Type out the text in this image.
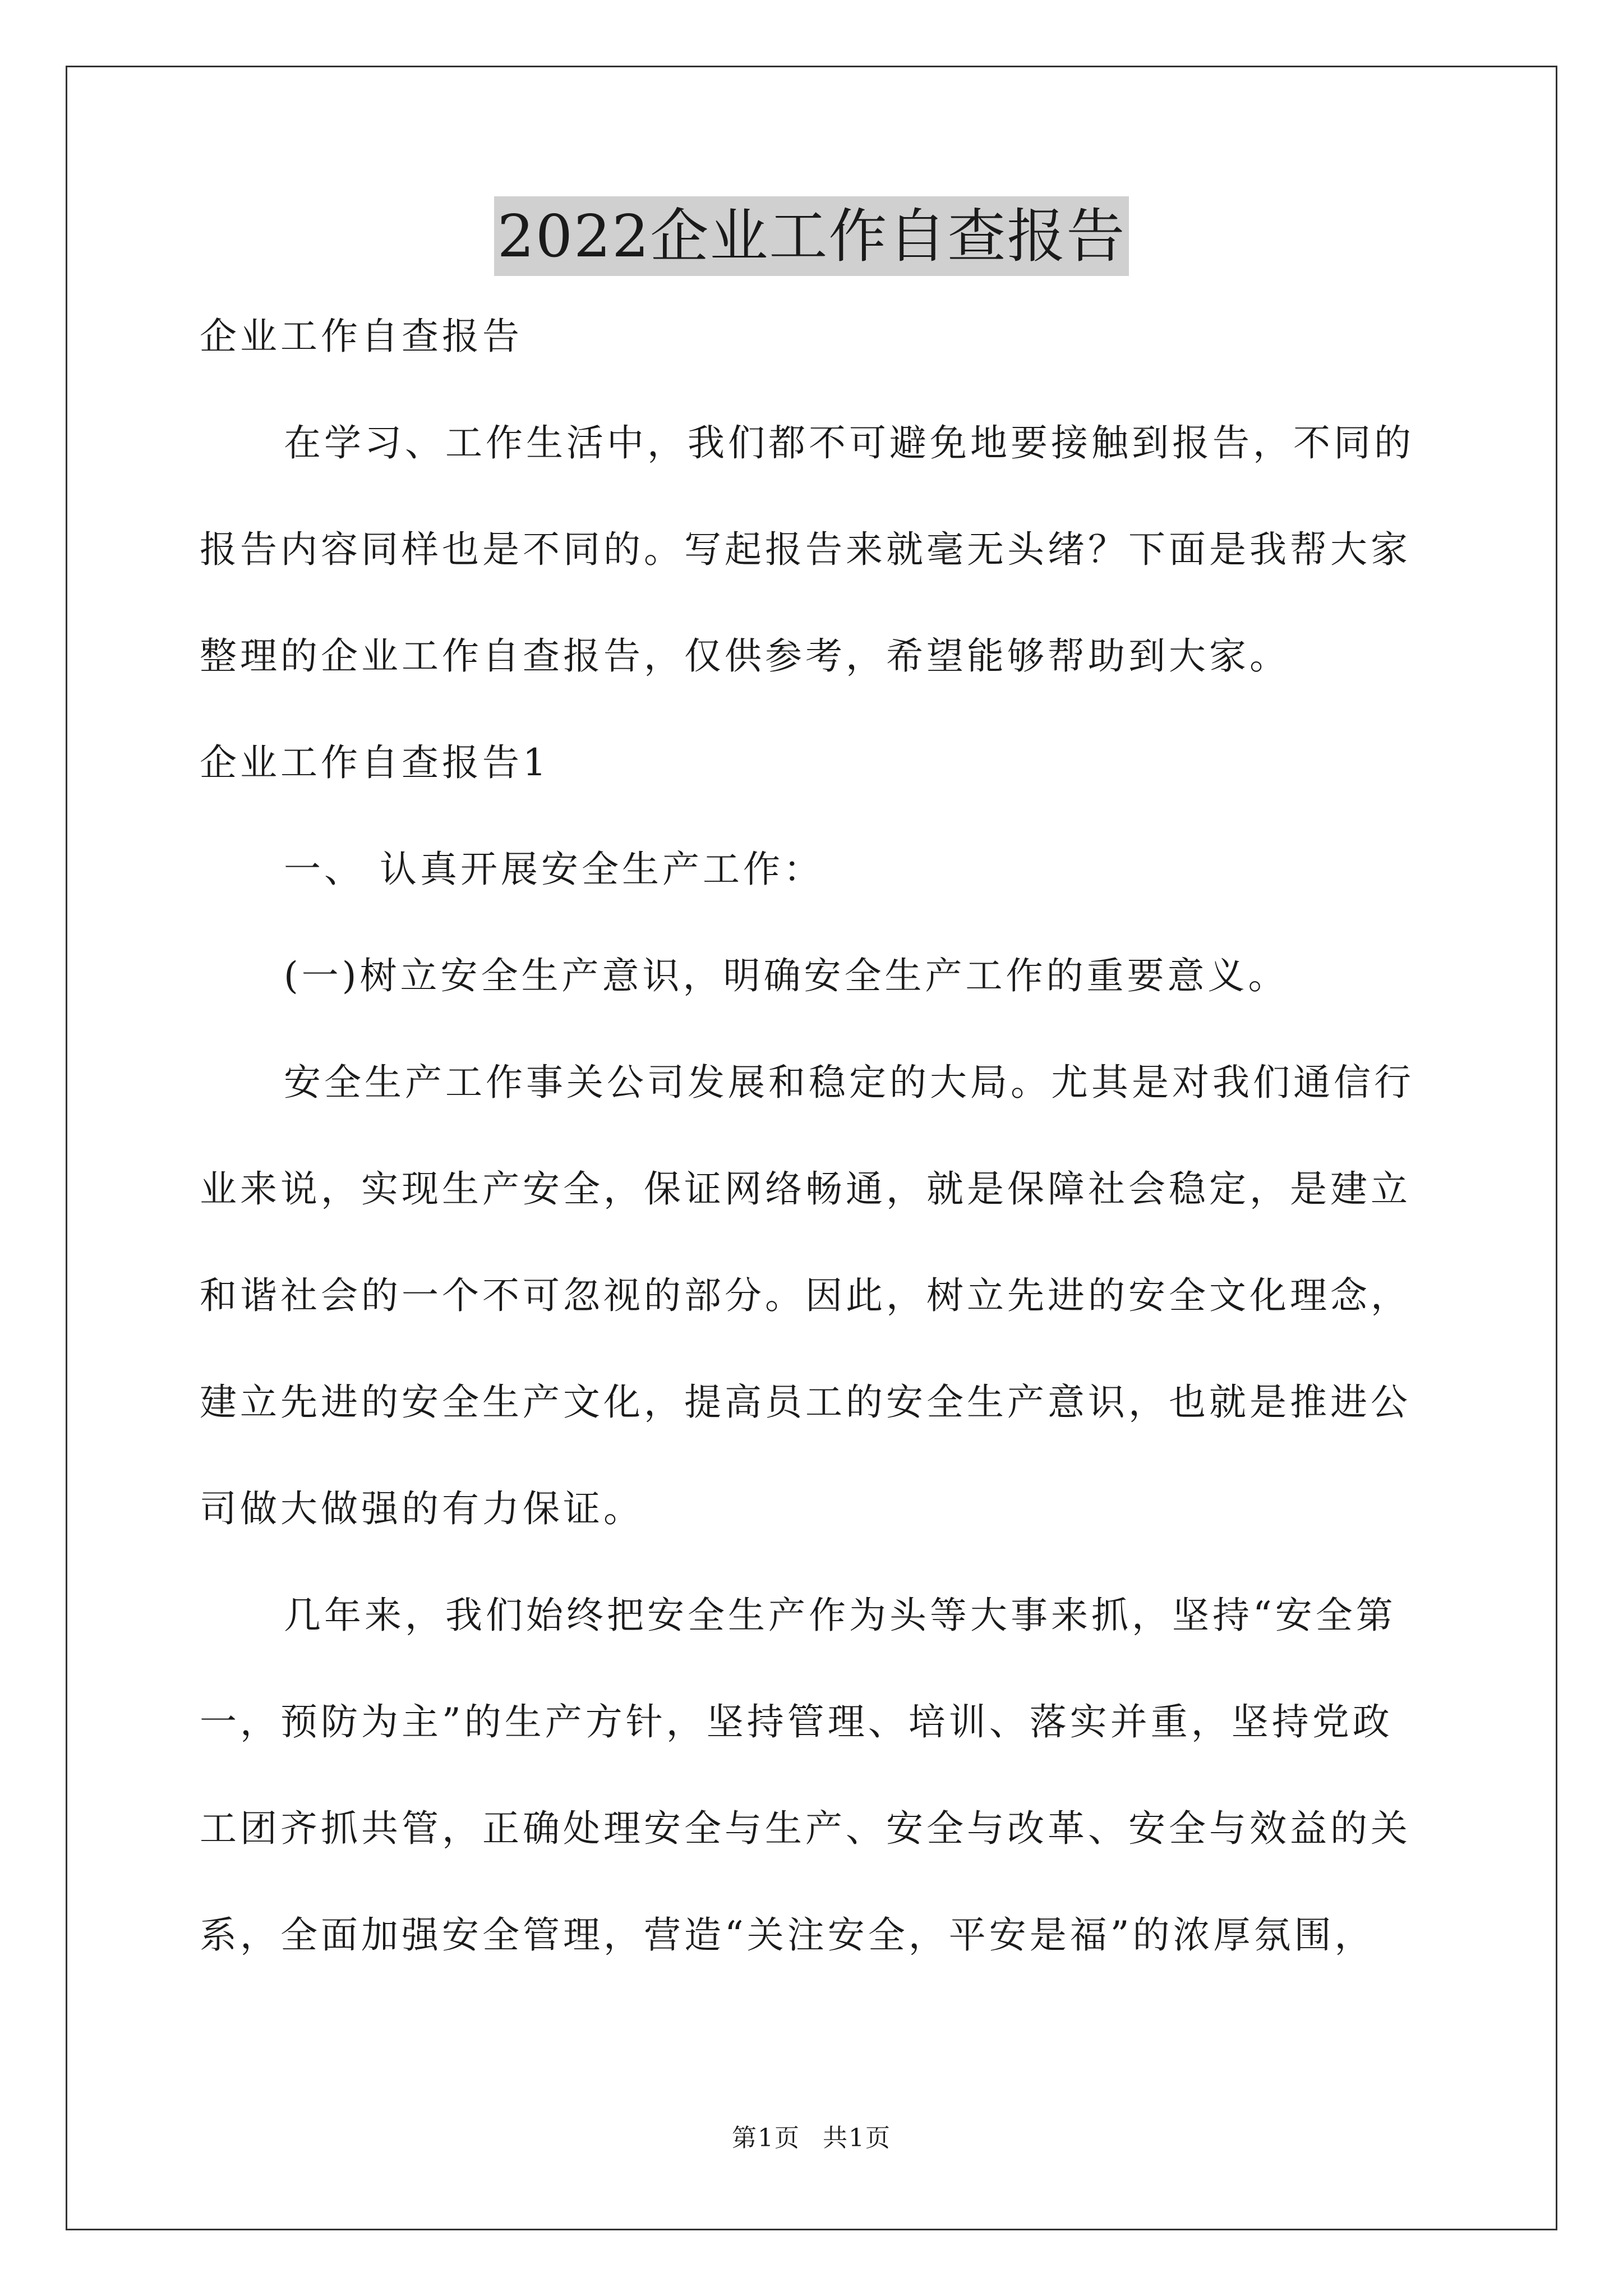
2022企业工作自查报告
企业工作自查报告
在学习、工作生活中，我们都不可避免地要接触到报告，不同的
报告内容同样也是不同的。写起报告来就毫无头绪？下面是我帮大家
整理的企业工作自查报告，仅供参考，希望能够帮助到大家。
企业工作自查报告1
一、 认真开展安全生产工作：
(一)树立安全生产意识，明确安全生产工作的重要意义。
安全生产工作事关公司发展和稳定的大局。尤其是对我们通信行
业来说，实现生产安全，保证网络畅通，就是保障社会稳定，是建立
和谐社会的一个不可忽视的部分。因此，树立先进的安全文化理念，
建立先进的安全生产文化，提高员工的安全生产意识，也就是推进公
司做大做强的有力保证。
几年来，我们始终把安全生产作为头等大事来抓，坚持“安全第
一，预防为主”的生产方针，坚持管理、培训、落实并重，坚持党政
工团齐抓共管，正确处理安全与生产、安全与改革、安全与效益的关
系，全面加强安全管理，营造“关注安全，平安是福”的浓厚氛围，
第1页 共1页
